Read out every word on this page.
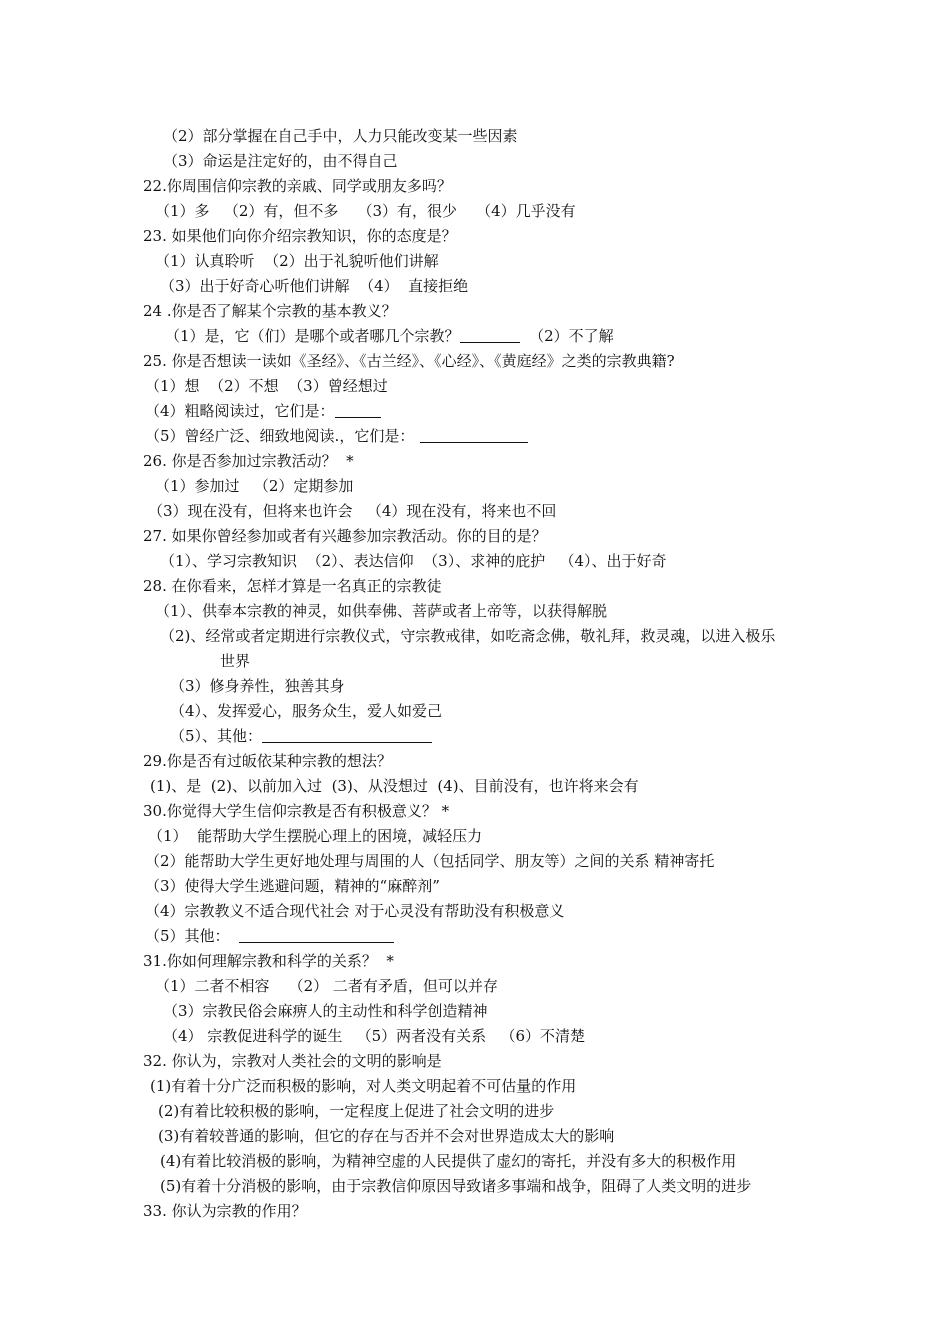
（2）部分掌握在自己手中，人力只能改变某一些因素
（3）命运是注定好的，由不得自己
22.你周围信仰宗教的亲戚、同学或朋友多吗？
（1）多   （2）有，但不多    （3）有，很少    （4）几乎没有
23. 如果他们向你介绍宗教知识，你的态度是？
（1）认真聆听  （2）出于礼貌听他们讲解
（3）出于好奇心听他们讲解  （4）  直接拒绝
24 .你是否了解某个宗教的基本教义？
（1）是，它（们）是哪个或者哪几个宗教？	（2）不了解
25. 你是否想读一读如《圣经》、《古兰经》、《心经》、《黄庭经》之类的宗教典籍?
（1）想  （2）不想  （3）曾经想过
（4）粗略阅读过，它们是：
（5）曾经广泛、细致地阅读.，它们是：
26. 你是否参加过宗教活动？  *
（1）参加过   （2）定期参加
（3）现在没有，但将来也许会   （4）现在没有，将来也不回
27. 如果你曾经参加或者有兴趣参加宗教活动。你的目的是？
（1）、学习宗教知识  （2）、表达信仰  （3）、求神的庇护   （4）、出于好奇
28. 在你看来，怎样才算是一名真正的宗教徒
（1）、供奉本宗教的神灵，如供奉佛、菩萨或者上帝等，以获得解脱
（2)、经常或者定期进行宗教仪式，守宗教戒律，如吃斋念佛，敬礼拜，救灵魂，以进入极乐
世界
（3）修身养性，独善其身
（4）、发挥爱心，服务众生，爱人如爱己
（5）、其他：
29.你是否有过皈依某种宗教的想法？
(1)、是  (2)、以前加入过  (3)、从没想过  (4)、目前没有，也许将来会有
30.你觉得大学生信仰宗教是否有积极意义？ *
（1）  能帮助大学生摆脱心理上的困境，减轻压力
（2）能帮助大学生更好地处理与周围的人（包括同学、朋友等）之间的关系 精神寄托
（3）使得大学生逃避问题，精神的“麻醉剂”
（4）宗教教义不适合现代社会 对于心灵没有帮助没有积极意义
（5）其他：
31.你如何理解宗教和科学的关系？  *
（1）二者不相容    （2） 二者有矛盾，但可以并存
（3）宗教民俗会麻痹人的主动性和科学创造精神
（4） 宗教促进科学的诞生   （5）两者没有关系   （6）不清楚
32. 你认为，宗教对人类社会的文明的影响是
(1)有着十分广泛而积极的影响，对人类文明起着不可估量的作用
(2)有着比较积极的影响，一定程度上促进了社会文明的进步
(3)有着较普通的影响，但它的存在与否并不会对世界造成太大的影响
(4)有着比较消极的影响，为精神空虚的人民提供了虚幻的寄托，并没有多大的积极作用
(5)有着十分消极的影响，由于宗教信仰原因导致诸多事端和战争，阻碍了人类文明的进步
33. 你认为宗教的作用？
